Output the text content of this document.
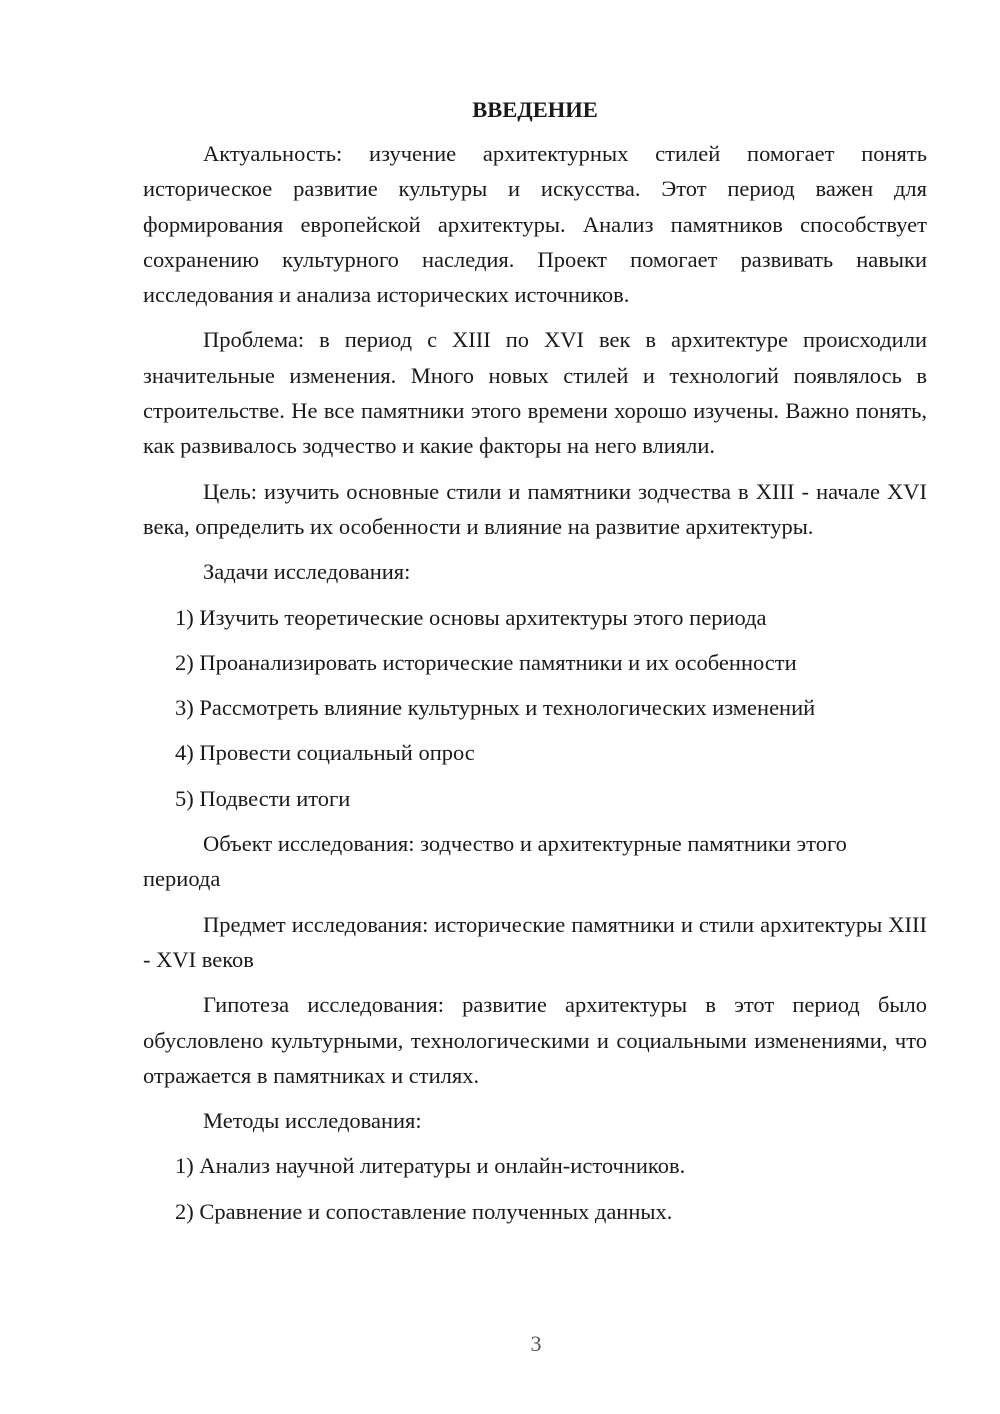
ВВЕДЕНИЕ

Актуальность: изучение архитектурных стилей помогает понять историческое развитие культуры и искусства. Этот период важен для формирования европейской архитектуры. Анализ памятников способствует сохранению культурного наследия. Проект помогает развивать навыки исследования и анализа исторических источников.

Проблема: в период с XIII по XVI век в архитектуре происходили значительные изменения. Много новых стилей и технологий появлялось в строительстве. Не все памятники этого времени хорошо изучены. Важно понять, как развивалось зодчество и какие факторы на него влияли.

Цель: изучить основные стили и памятники зодчества в XIII - начале XVI века, определить их особенности и влияние на развитие архитектуры.

Задачи исследования:

1) Изучить теоретические основы архитектуры этого периода

2) Проанализировать исторические памятники и их особенности

3) Рассмотреть влияние культурных и технологических изменений

4) Провести социальный опрос

5) Подвести итоги

Объект исследования: зодчество и архитектурные памятники этого периода

Предмет исследования: исторические памятники и стили архитектуры XIII - XVI веков

Гипотеза исследования: развитие архитектуры в этот период было обусловлено культурными, технологическими и социальными изменениями, что отражается в памятниках и стилях.

Методы исследования:

1) Анализ научной литературы и онлайн-источников.

2) Сравнение и сопоставление полученных данных.

3
